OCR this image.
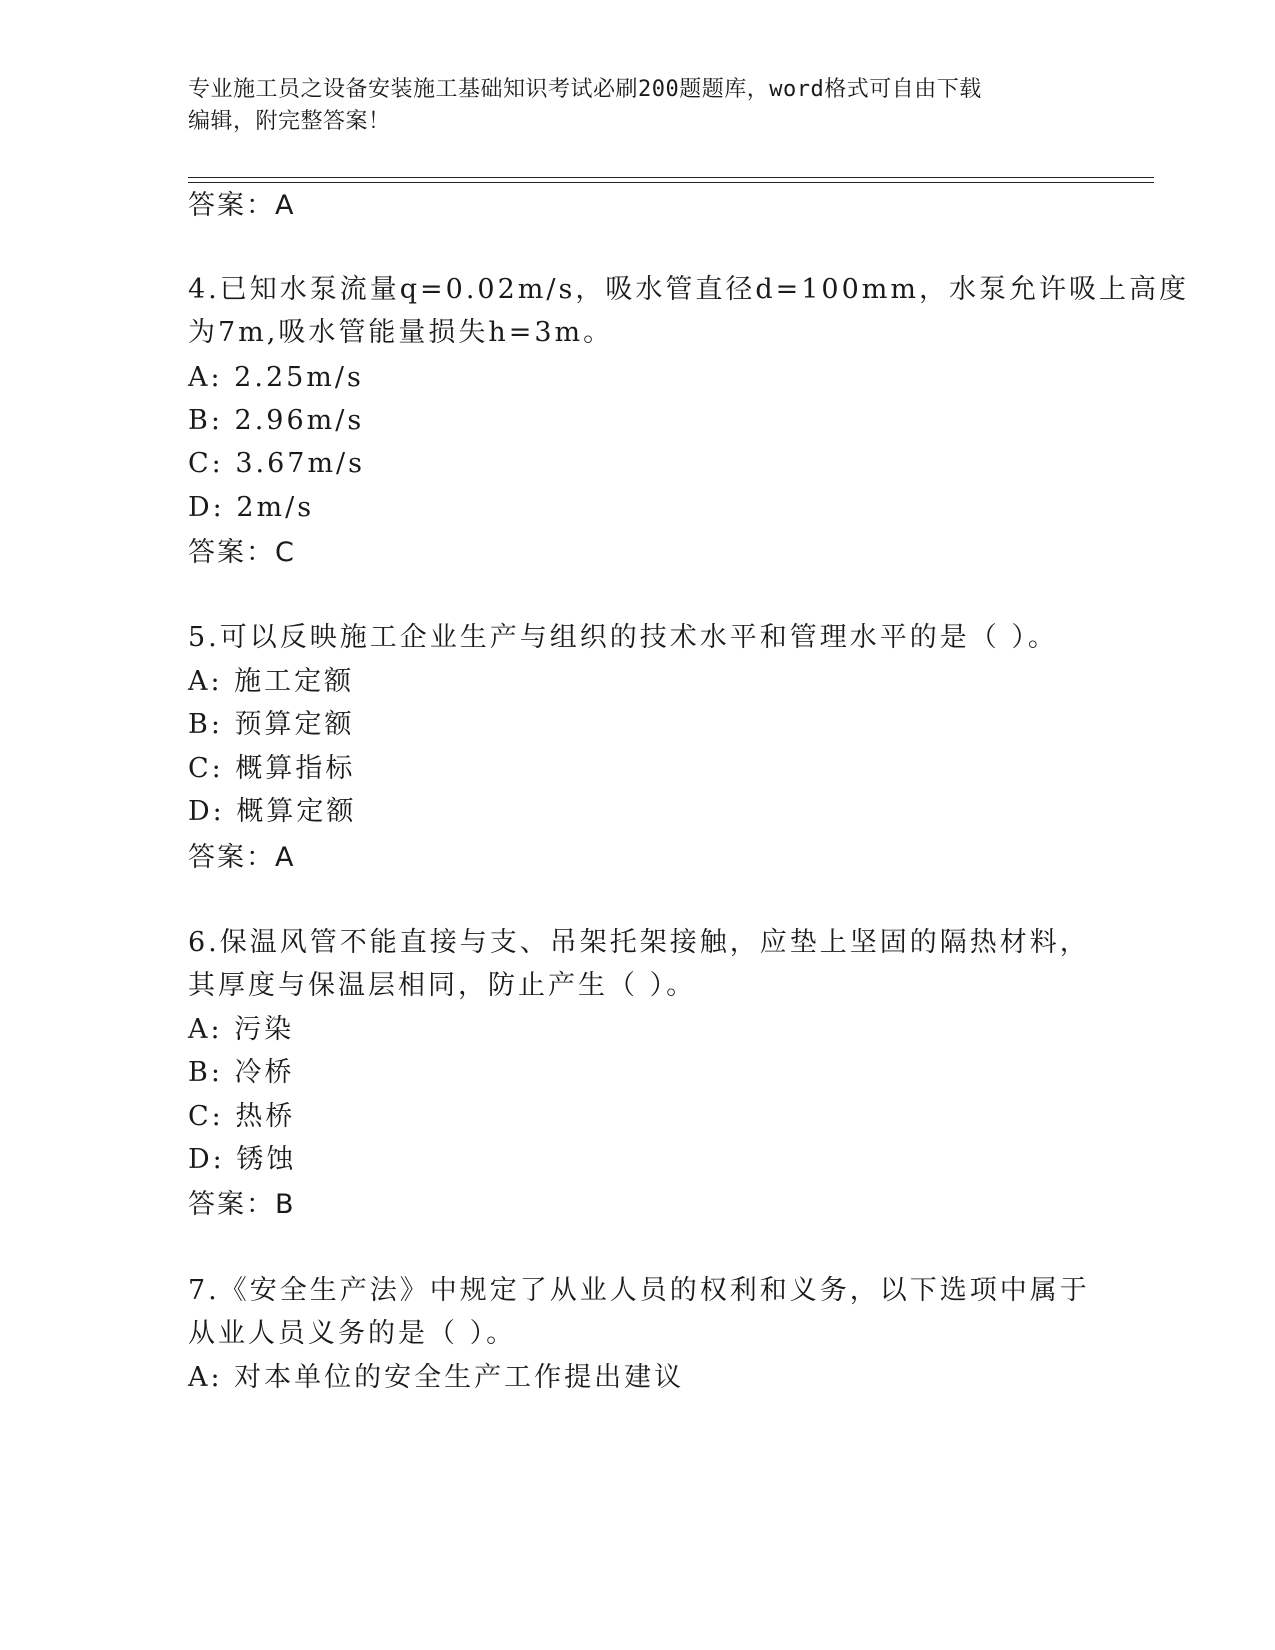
专业施工员之设备安装施工基础知识考试必刷200题题库，word格式可自由下载
编辑，附完整答案！
答案：A
4.已知水泵流量q=0.02m/s，吸水管直径d=100mm，水泵允许吸上高度
为7m,吸水管能量损失h=3m。
A: 2.25m/s
B: 2.96m/s
C: 3.67m/s
D: 2m/s
答案：C
5.可以反映施工企业生产与组织的技术水平和管理水平的是（ ）。
A: 施工定额
B: 预算定额
C: 概算指标
D: 概算定额
答案：A
6.保温风管不能直接与支、吊架托架接触，应垫上坚固的隔热材料，
其厚度与保温层相同，防止产生（ ）。
A: 污染
B: 冷桥
C: 热桥
D: 锈蚀
答案：B
7.《安全生产法》中规定了从业人员的权利和义务，以下选项中属于
从业人员义务的是（ ）。
A: 对本单位的安全生产工作提出建议
